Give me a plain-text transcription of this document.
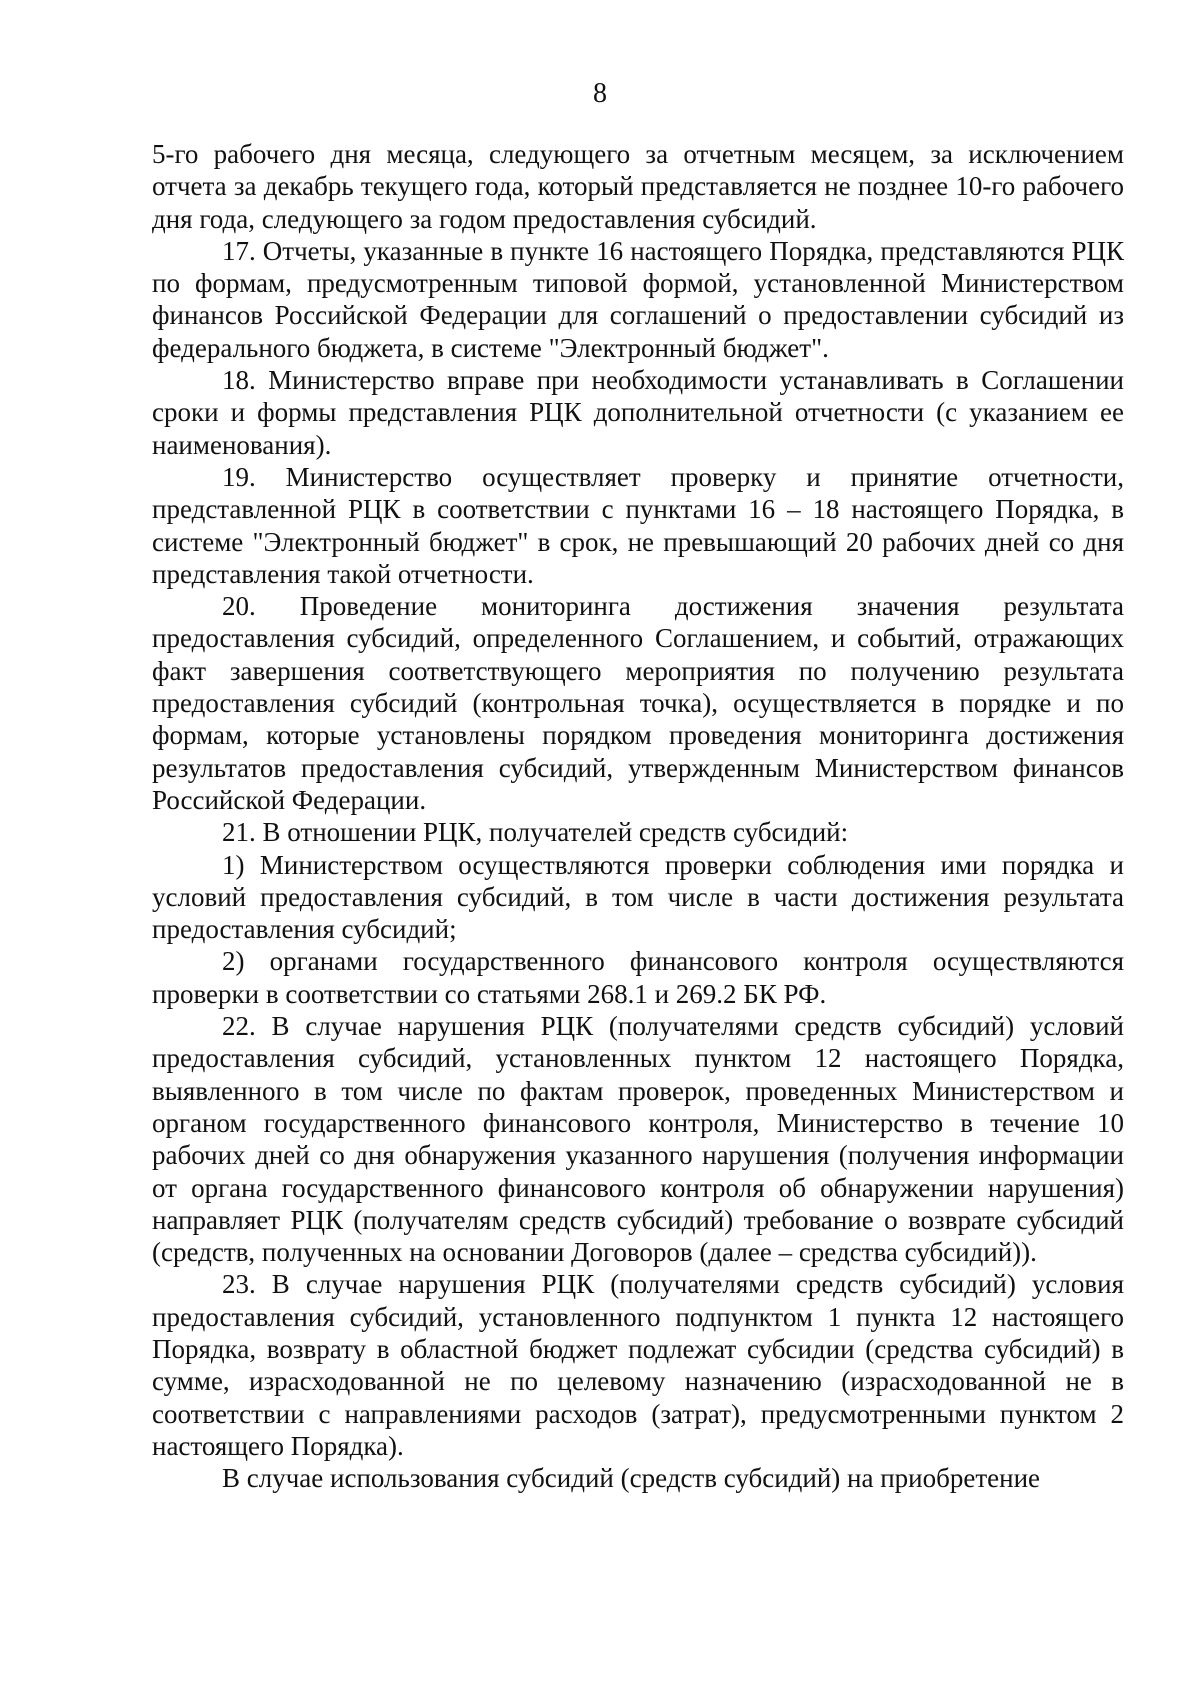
8

5-го рабочего дня месяца, следующего за отчетным месяцем, за исключением отчета за декабрь текущего года, который представляется не позднее 10-го рабочего дня года, следующего за годом предоставления субсидий.

17. Отчеты, указанные в пункте 16 настоящего Порядка, представляются РЦК по формам, предусмотренным типовой формой, установленной Министерством финансов Российской Федерации для соглашений о предоставлении субсидий из федерального бюджета, в системе "Электронный бюджет".

18. Министерство вправе при необходимости устанавливать в Соглашении сроки и формы представления РЦК дополнительной отчетности (с указанием ее наименования).

19. Министерство осуществляет проверку и принятие отчетности, представленной РЦК в соответствии с пунктами 16 – 18 настоящего Порядка, в системе "Электронный бюджет" в срок, не превышающий 20 рабочих дней со дня представления такой отчетности.

20. Проведение мониторинга достижения значения результата предоставления субсидий, определенного Соглашением, и событий, отражающих факт завершения соответствующего мероприятия по получению результата предоставления субсидий (контрольная точка), осуществляется в порядке и по формам, которые установлены порядком проведения мониторинга достижения результатов предоставления субсидий, утвержденным Министерством финансов Российской Федерации.

21. В отношении РЦК, получателей средств субсидий:

1) Министерством осуществляются проверки соблюдения ими порядка и условий предоставления субсидий, в том числе в части достижения результата предоставления субсидий;

2) органами государственного финансового контроля осуществляются проверки в соответствии со статьями 268.1 и 269.2 БК РФ.

22. В случае нарушения РЦК (получателями средств субсидий) условий предоставления субсидий, установленных пунктом 12 настоящего Порядка, выявленного в том числе по фактам проверок, проведенных Министерством и органом государственного финансового контроля, Министерство в течение 10 рабочих дней со дня обнаружения указанного нарушения (получения информации от органа государственного финансового контроля об обнаружении нарушения) направляет РЦК (получателям средств субсидий) требование о возврате субсидий (средств, полученных на основании Договоров (далее – средства субсидий)).

23. В случае нарушения РЦК (получателями средств субсидий) условия предоставления субсидий, установленного подпунктом 1 пункта 12 настоящего Порядка, возврату в областной бюджет подлежат субсидии (средства субсидий) в сумме, израсходованной не по целевому назначению (израсходованной не в соответствии с направлениями расходов (затрат), предусмотренными пунктом 2 настоящего Порядка).

В случае использования субсидий (средств субсидий) на приобретение
